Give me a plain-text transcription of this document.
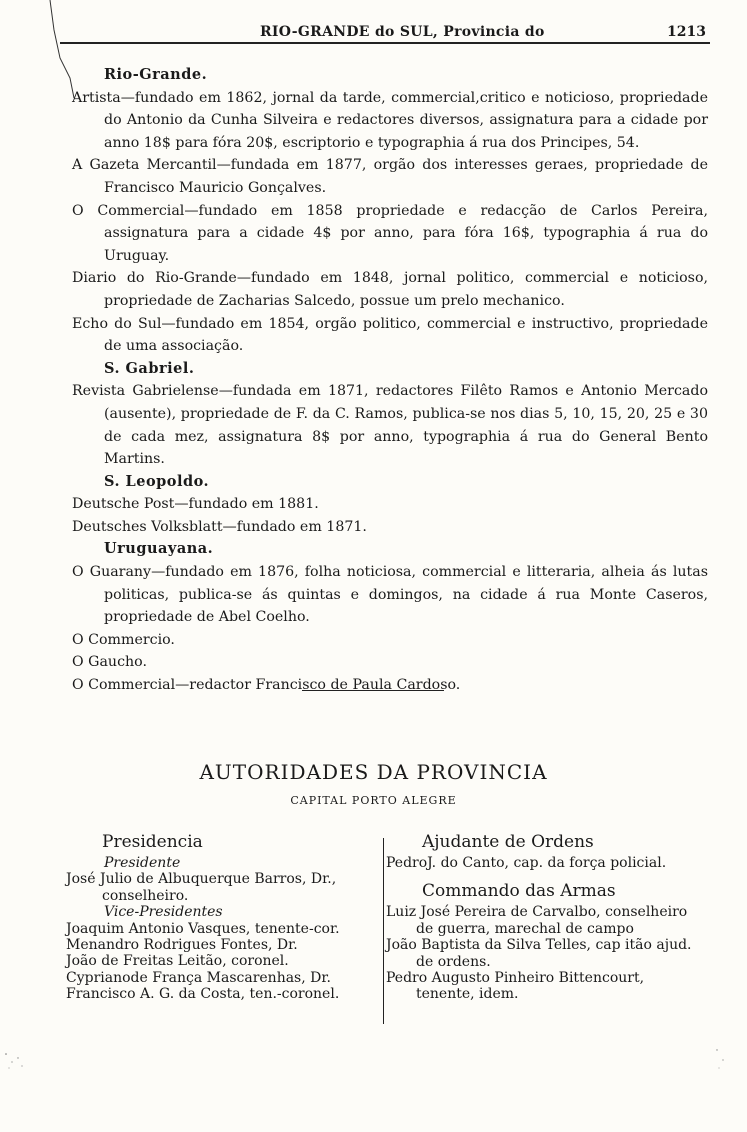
RIO-GRANDE do SUL, Provincia do	1213
Rio-Grande.
Artista—fundado em 1862, jornal da tarde, commercial,critico e noticioso, propriedade do Antonio da Cunha Silveira e redactores diversos, assignatura para a cidade por anno 18$ para fóra 20$, escriptorio e typographia á rua dos Principes, 54.
A Gazeta Mercantil—fundada em 1877, orgão dos interesses geraes, propriedade de Francisco Mauricio Gonçalves.
O Commercial—fundado em 1858 propriedade e redacção de Carlos Pereira, assignatura para a cidade 4$ por anno, para fóra 16$, typographia á rua do Uruguay.
Diario do Rio-Grande—fundado em 1848, jornal politico, commercial e noticioso, propriedade de Zacharias Salcedo, possue um prelo mechanico.
Echo do Sul—fundado em 1854, orgão politico, commercial e instructivo, propriedade de uma associação.
S. Gabriel.
Revista Gabrielense—fundada em 1871, redactores Filêto Ramos e Antonio Mercado (ausente), propriedade de F. da C. Ramos, publica-se nos dias 5, 10, 15, 20, 25 e 30 de cada mez, assignatura 8$ por anno, typographia á rua do General Bento Martins.
S. Leopoldo.
Deutsche Post—fundado em 1881.
Deutsches Volksblatt—fundado em 1871.
Uruguayana.
O Guarany—fundado em 1876, folha noticiosa, commercial e litteraria, alheia ás lutas politicas, publica-se ás quintas e domingos, na cidade á rua Monte Caseros, propriedade de Abel Coelho.
O Commercio.
O Gaucho.
O Commercial—redactor Francisco de Paula Cardoso.
AUTORIDADES DA PROVINCIA
CAPITAL PORTO ALEGRE
Presidencia
Presidente
José Julio de Albuquerque Barros, Dr., conselheiro.
Vice-Presidentes
Joaquim Antonio Vasques, tenente-cor.
Menandro Rodrigues Fontes, Dr.
João de Freitas Leitão, coronel.
Cyprianode França Mascarenhas, Dr.
Francisco A. G. da Costa, ten.-coronel.
Ajudante de Ordens
PedroJ. do Canto, cap. da força policial.
Commando das Armas
Luiz José Pereira de Carvalbo, conselheiro de guerra, marechal de campo
João Baptista da Silva Telles, cap itão ajud. de ordens.
Pedro Augusto Pinheiro Bittencourt, tenente, idem.
